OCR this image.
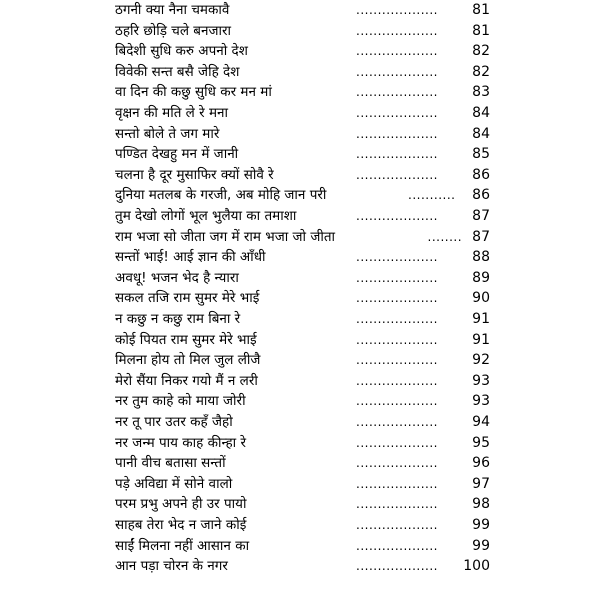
ठगनी क्या नैना चमकावै	................... 81
ठहरि छोड़ि चले बनजारा	................... 81
बिदेशी सुधि करु अपनो देश	................... 82
विवेकी सन्त बसै जेहि देश	................... 82
वा दिन की कछु सुधि कर मन मां	................... 83
वृक्षन की मति ले रे मना	................... 84
सन्तो बोले ते जग मारे	................... 84
पण्डित देखहु मन में जानी	................... 85
चलना है दूर मुसाफिर क्यों सोवै रे	................... 86
दुनिया मतलब के गरजी, अब मोहि जान परी	........... 86
तुम देखो लोगों भूल भुलैया का तमाशा	................... 87
राम भजा सो जीता जग में राम भजा जो जीता	........ 87
सन्तों भाई! आई ज्ञान की आँधी	................... 88
अवधू! भजन भेद है न्यारा	................... 89
सकल तजि राम सुमर मेरे भाई	................... 90
न कछु न कछु राम बिना रे	................... 91
कोई पियत राम सुमर मेरे भाई	................... 91
मिलना होय तो मिल जुल लीजै	................... 92
मेरो सैंया निकर गयो मैं न लरी	................... 93
नर तुम काहे को माया जोरी	................... 93
नर तू पार उतर कहँ जैहो	................... 94
नर जन्म पाय काह कीन्हा रे	................... 95
पानी वीच बतासा सन्तों	................... 96
पड़े अविद्या में सोने वालो	................... 97
परम प्रभु अपने ही उर पायो	................... 98
साहब तेरा भेद न जाने कोई	................... 99
साईं मिलना नहीं आसान का	................... 99
आन पड़ा चोरन के नगर	................... 100
